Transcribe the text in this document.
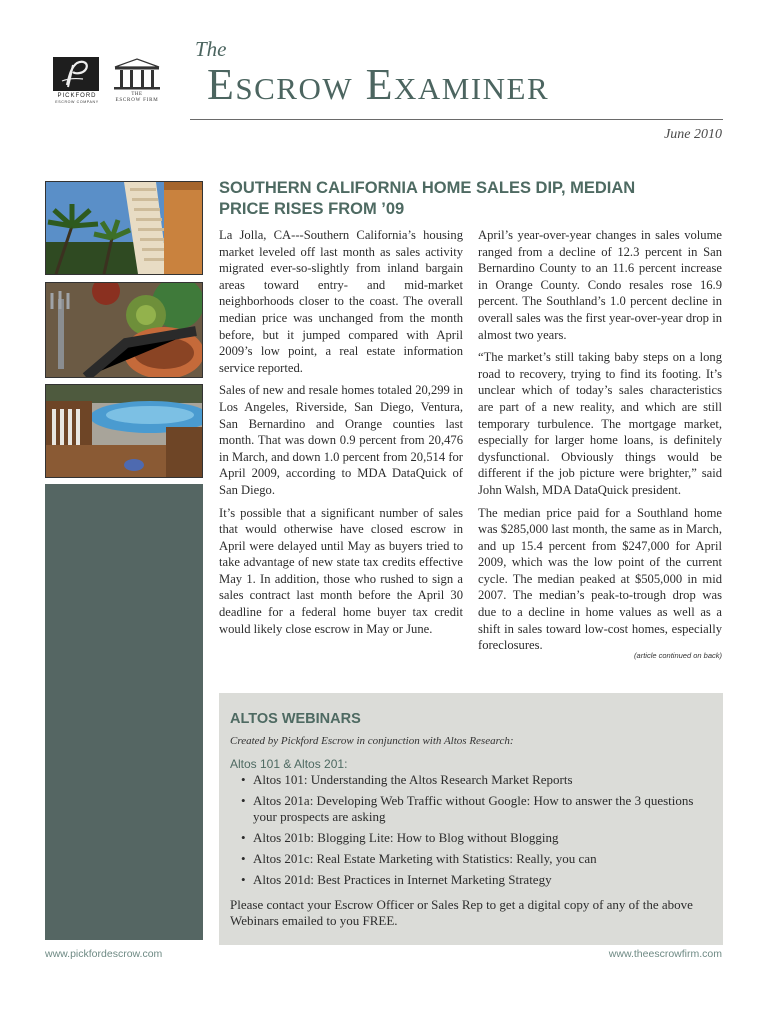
PICKFORD
ESCROW COMPANY
THE
ESCROW FIRM
The
Escrow Examiner
June 2010
SOUTHERN CALIFORNIA HOME SALES DIP, MEDIAN PRICE RISES FROM ’09

La Jolla, CA---Southern California’s housing market leveled off last month as sales activity migrated ever-so-slightly from inland bargain areas toward entry- and mid-market neighborhoods closer to the coast. The overall median price was unchanged from the month before, but it jumped compared with April 2009’s low point, a real estate information service reported.

Sales of new and resale homes totaled 20,299 in Los Angeles, Riverside, San Diego, Ventura, San Bernardino and Orange counties last month. That was down 0.9 percent from 20,476 in March, and down 1.0 percent from 20,514 for April 2009, according to MDA DataQuick of San Diego.

It’s possible that a significant number of sales that would otherwise have closed escrow in April were delayed until May as buyers tried to take advantage of new state tax credits effective May 1. In addition, those who rushed to sign a sales contract last month before the April 30 deadline for a federal home buyer tax credit would likely close escrow in May or June.

April’s year-over-year changes in sales volume ranged from a decline of 12.3 percent in San Bernardino County to an 11.6 percent increase in Orange County. Condo resales rose 16.9 percent. The Southland’s 1.0 percent decline in overall sales was the first year-over-year drop in almost two years.

“The market’s still taking baby steps on a long road to recovery, trying to find its footing. It’s unclear which of today’s sales characteristics are part of a new reality, and which are still temporary turbulence. The mortgage market, especially for larger home loans, is definitely dysfunctional. Obviously things would be different if the job picture were brighter,” said John Walsh, MDA DataQuick president.

The median price paid for a Southland home was $285,000 last month, the same as in March, and up 15.4 percent from $247,000 for April 2009, which was the low point of the current cycle. The median peaked at $505,000 in mid 2007. The median’s peak-to-trough drop was due to a decline in home values as well as a shift in sales toward low-cost homes, especially foreclosures.

(article continued on back)
ALTOS WEBINARS
Created by Pickford Escrow in conjunction with Altos Research:
Altos 101 & Altos 201:
• Altos 101: Understanding the Altos Research Market Reports
• Altos 201a: Developing Web Traffic without Google: How to answer the 3 questions your prospects are asking
• Altos 201b: Blogging Lite: How to Blog without Blogging
• Altos 201c: Real Estate Marketing with Statistics: Really, you can
• Altos 201d: Best Practices in Internet Marketing Strategy
Please contact your Escrow Officer or Sales Rep to get a digital copy of any of the above Webinars emailed to you FREE.
www.pickfordescrow.com	www.theescrowfirm.com
